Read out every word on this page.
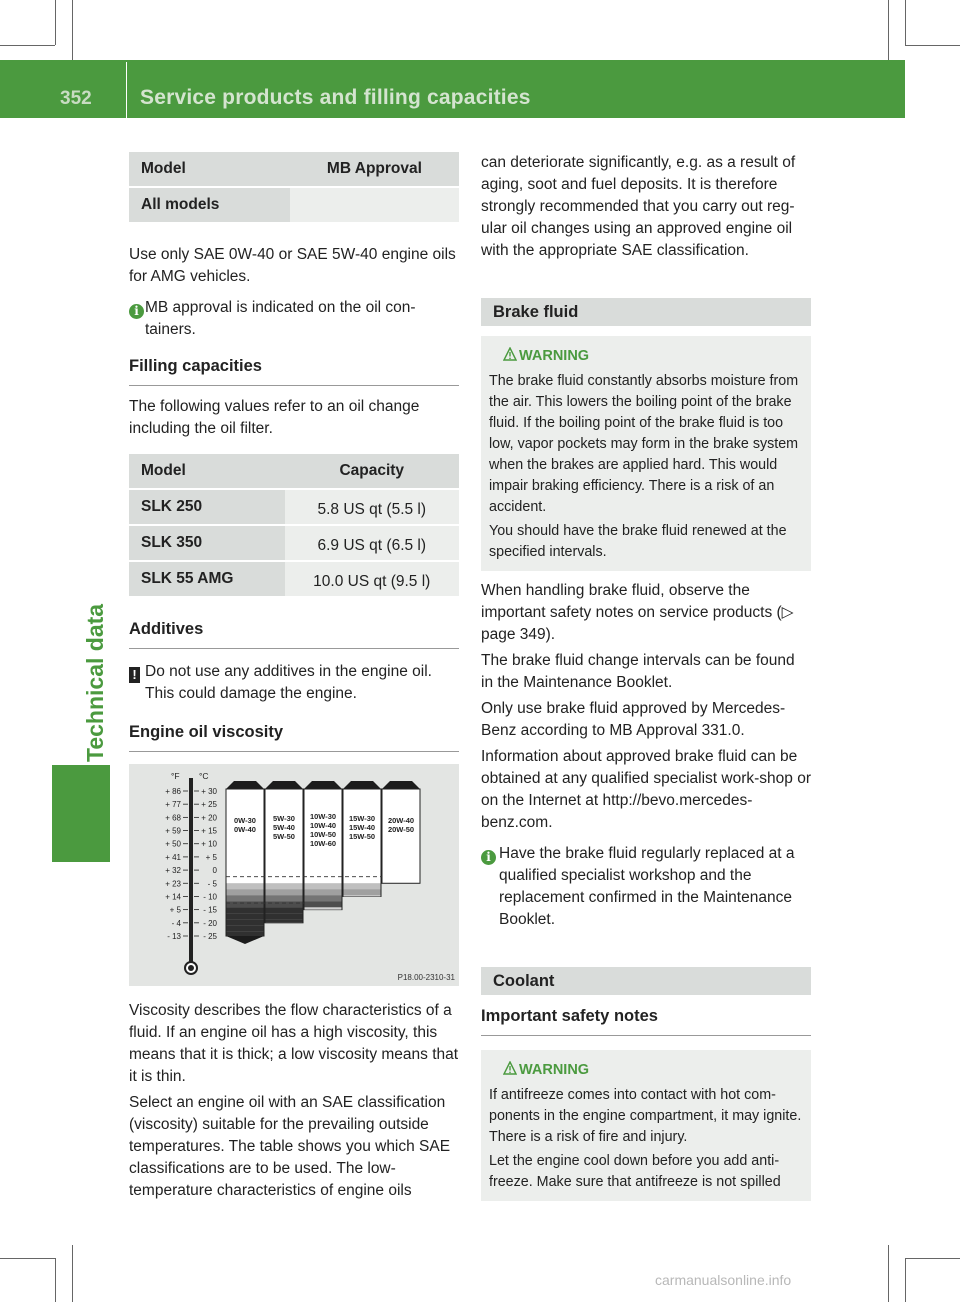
352 Service products and filling capacities
Technical data
Model	MB Approval

All models	

Use only SAE 0W-40 or SAE 5W-40 engine oils for AMG vehicles.

i MB approval is indicated on the oil con-tainers.
Filling capacities

The following values refer to an oil change including the oil filter.

Model	Capacity

SLK 250	5.8 US qt (5.5 l)

SLK 350	6.9 US qt (6.5 l)

SLK 55 AMG	10.0 US qt (9.5 l)
Additives
! Do not use any additives in the engine oil. This could damage the engine.
Engine oil viscosity
°F °C
+ 86
+ 77
+ 68
+ 59
+ 50
+ 41
+ 32
+ 23
+ 14
+ 5
- 4
- 13
+ 30
+ 25
+ 20
+ 15
+ 10
+ 5
0
- 5
- 10
- 15
- 20
- 25
0W-30
0W-40
5W-30
5W-40
5W-50
10W-30
10W-40
10W-50
10W-60
15W-30
15W-40
15W-50
20W-40
20W-50
P18.00-2310-31

Viscosity describes the flow characteristics of a fluid. If an engine oil has a high viscosity, this means that it is thick; a low viscosity means that it is thin.

Select an engine oil with an SAE classification (viscosity) suitable for the prevailing outside temperatures. The table shows you which SAE classifications are to be used. The low-temperature characteristics of engine oils

can deteriorate significantly, e.g. as a result of aging, soot and fuel deposits. It is therefore strongly recommended that you carry out reg-ular oil changes using an approved engine oil with the appropriate SAE classification.

Brake fluid
WARNING

The brake fluid constantly absorbs moisture from the air. This lowers the boiling point of the brake fluid. If the boiling point of the brake fluid is too low, vapor pockets may form in the brake system when the brakes are applied hard. This would impair braking efficiency. There is a risk of an accident.

You should have the brake fluid renewed at the specified intervals.

When handling brake fluid, observe the important safety notes on service products (▷ page 349).

The brake fluid change intervals can be found in the Maintenance Booklet.

Only use brake fluid approved by Mercedes-Benz according to MB Approval 331.0.

Information about approved brake fluid can be obtained at any qualified specialist work-shop or on the Internet at http://bevo.mercedes-benz.com.

i Have the brake fluid regularly replaced at a qualified specialist workshop and the replacement confirmed in the Maintenance Booklet.
Coolant
Important safety notes
WARNING

If antifreeze comes into contact with hot com-ponents in the engine compartment, it may ignite. There is a risk of fire and injury.

Let the engine cool down before you add anti-freeze. Make sure that antifreeze is not spilled

carmanualsonline.info
